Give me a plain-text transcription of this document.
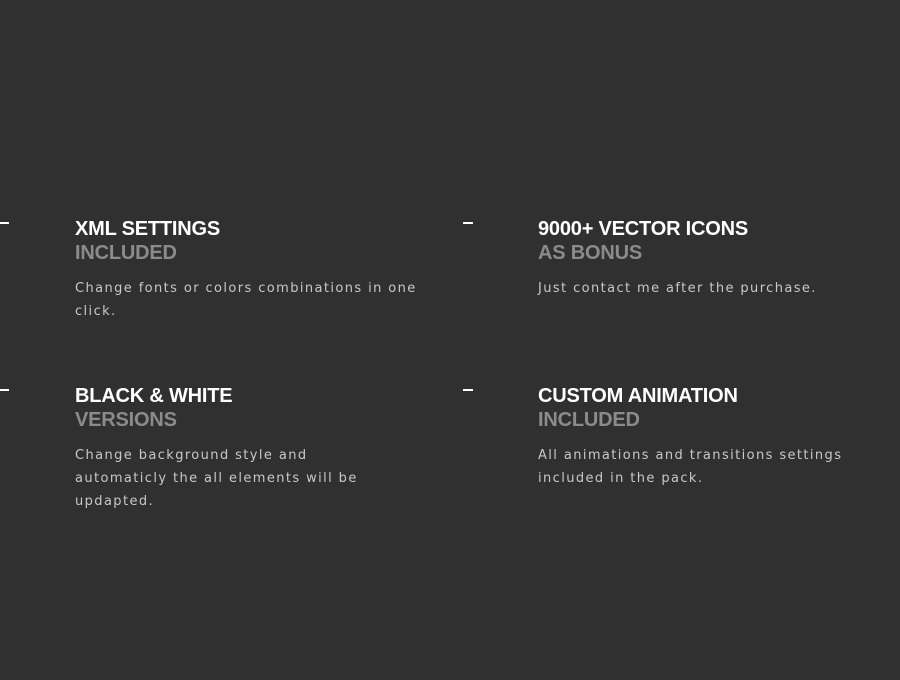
XML SETTINGS
INCLUDED

Change fonts or colors combinations in one click.

9000+ VECTOR ICONS
AS BONUS

Just contact me after the purchase.

BLACK & WHITE
VERSIONS

Change background style and automaticly the all elements will be updapted.

CUSTOM ANIMATION
INCLUDED

All animations and transitions settings included in the pack.
